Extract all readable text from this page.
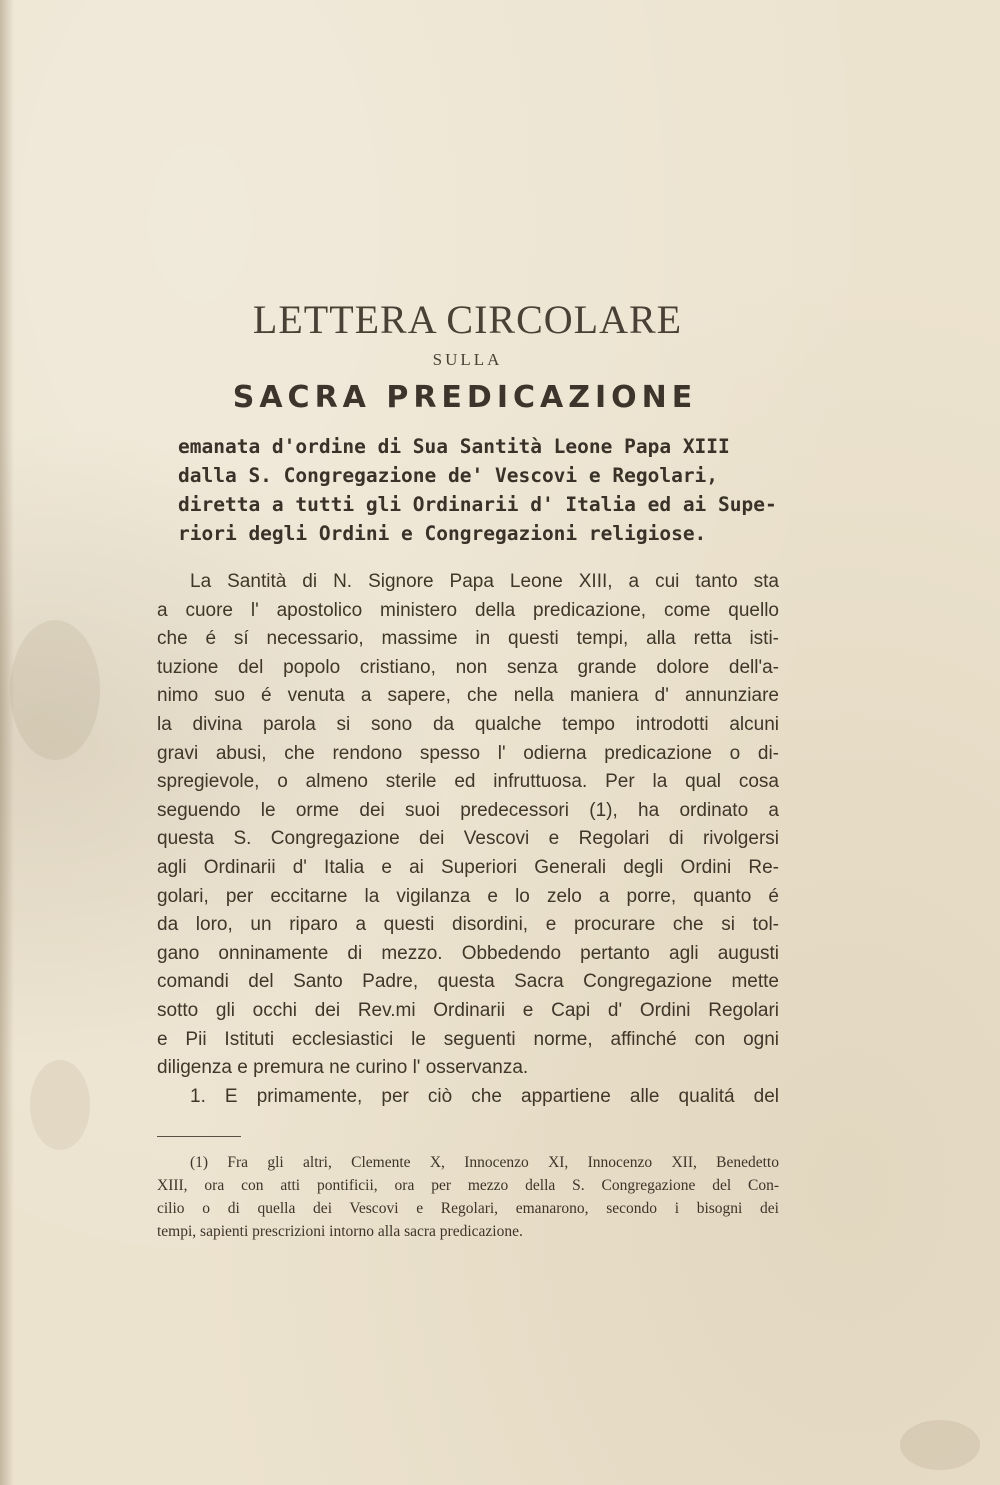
LETTERA CIRCOLARE
SULLA
SACRA PREDICAZIONE
emanata d'ordine di Sua Santità Leone Papa XIII
dalla S. Congregazione de' Vescovi e Regolari,
diretta a tutti gli Ordinarii d' Italia ed ai Supe-
riori degli Ordini e Congregazioni religiose.
La Santità di N. Signore Papa Leone XIII, a cui tanto sta
a cuore l' apostolico ministero della predicazione, come quello
che é sí necessario, massime in questi tempi, alla retta isti-
tuzione del popolo cristiano, non senza grande dolore dell'a-
nimo suo é venuta a sapere, che nella maniera d' annunziare
la divina parola si sono da qualche tempo introdotti alcuni
gravi abusi, che rendono spesso l' odierna predicazione o di-
spregievole, o almeno sterile ed infruttuosa. Per la qual cosa
seguendo le orme dei suoi predecessori (1), ha ordinato a
questa S. Congregazione dei Vescovi e Regolari di rivolgersi
agli Ordinarii d' Italia e ai Superiori Generali degli Ordini Re-
golari, per eccitarne la vigilanza e lo zelo a porre, quanto é
da loro, un riparo a questi disordini, e procurare che si tol-
gano onninamente di mezzo. Obbedendo pertanto agli augusti
comandi del Santo Padre, questa Sacra Congregazione mette
sotto gli occhi dei Rev.mi Ordinarii e Capi d' Ordini Regolari
e Pii Istituti ecclesiastici le seguenti norme, affinché con ogni
diligenza e premura ne curino l' osservanza.
1. E primamente, per ciò che appartiene alle qualitá del
(1) Fra gli altri, Clemente X, Innocenzo XI, Innocenzo XII, Benedetto
XIII, ora con atti pontificii, ora per mezzo della S. Congregazione del Con-
cilio o di quella dei Vescovi e Regolari, emanarono, secondo i bisogni dei
tempi, sapienti prescrizioni intorno alla sacra predicazione.
